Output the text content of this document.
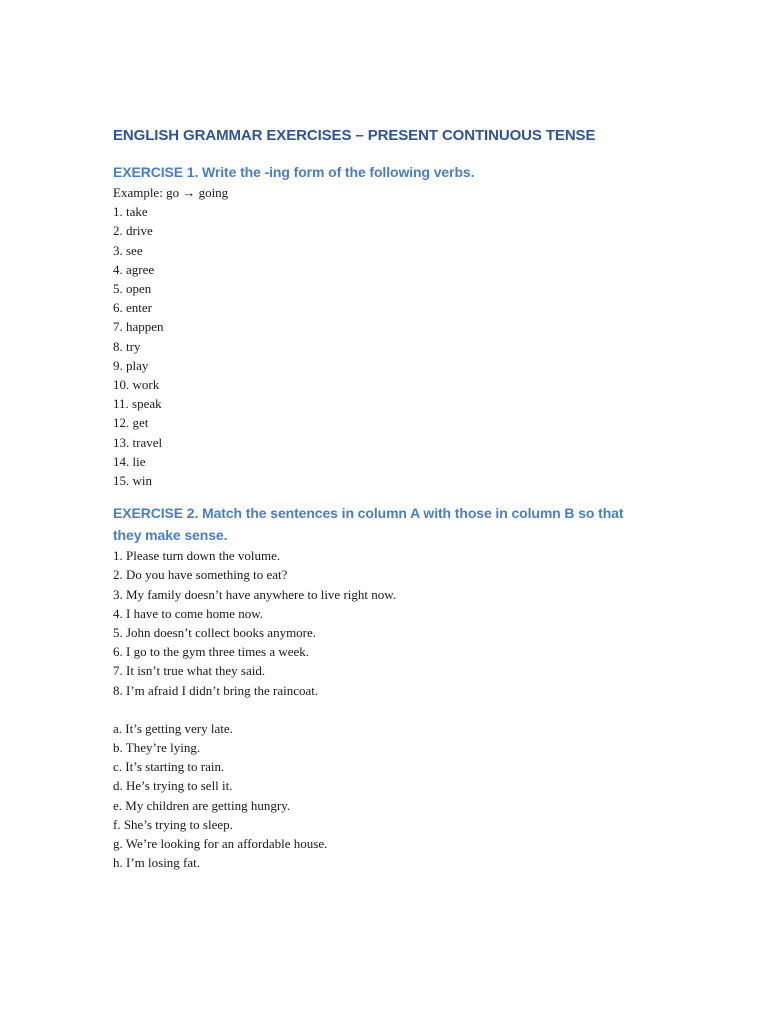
ENGLISH GRAMMAR EXERCISES – PRESENT CONTINUOUS TENSE
EXERCISE 1. Write the -ing form of the following verbs.

Example: go → going

1. take
2. drive
3. see
4. agree
5. open
6. enter
7. happen
8. try
9. play
10. work
11. speak
12. get
13. travel
14. lie
15. win
EXERCISE 2. Match the sentences in column A with those in column B so that
they make sense.
1. Please turn down the volume.
2. Do you have something to eat?
3. My family doesn’t have anywhere to live right now.
4. I have to come home now.
5. John doesn’t collect books anymore.
6. I go to the gym three times a week.
7. It isn’t true what they said.
8. I’m afraid I didn’t bring the raincoat.
a. It’s getting very late.
b. They’re lying.
c. It’s starting to rain.
d. He’s trying to sell it.
e. My children are getting hungry.
f. She’s trying to sleep.
g. We’re looking for an affordable house.
h. I’m losing fat.
